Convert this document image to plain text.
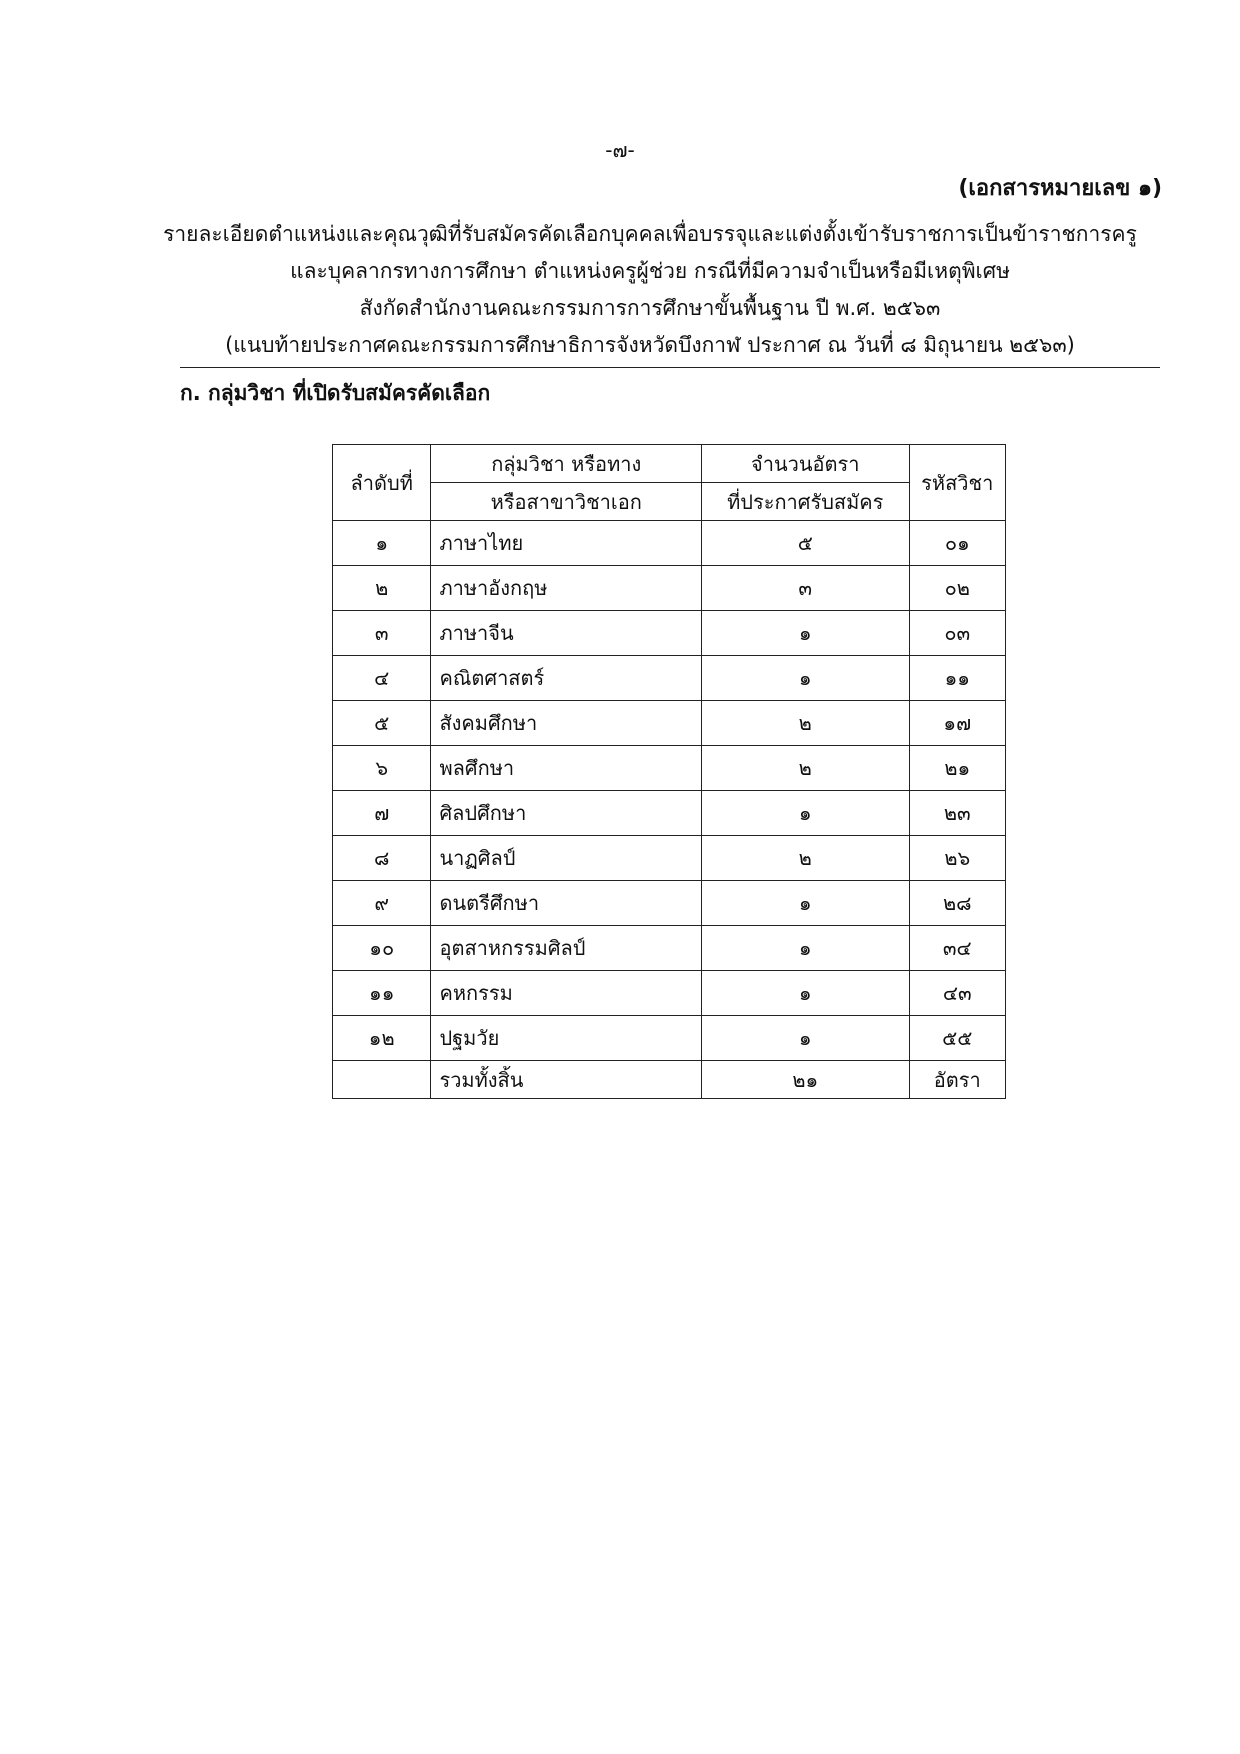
-๗-
(เอกสารหมายเลข ๑)
รายละเอียดตำแหน่งและคุณวุฒิที่รับสมัครคัดเลือกบุคคลเพื่อบรรจุและแต่งตั้งเข้ารับราชการเป็นข้าราชการครู
และบุคลากรทางการศึกษา ตำแหน่งครูผู้ช่วย กรณีที่มีความจำเป็นหรือมีเหตุพิเศษ
สังกัดสำนักงานคณะกรรมการการศึกษาขั้นพื้นฐาน ปี พ.ศ. ๒๕๖๓
(แนบท้ายประกาศคณะกรรมการศึกษาธิการจังหวัดบึงกาฬ ประกาศ ณ วันที่ ๘ มิถุนายน ๒๕๖๓)
ก. กลุ่มวิชา ที่เปิดรับสมัครคัดเลือก
ลำดับที่	กลุ่มวิชา หรือทาง	จำนวนอัตรา	รหัสวิชา
	หรือสาขาวิชาเอก	ที่ประกาศรับสมัคร	
๑	ภาษาไทย	๕	๐๑
๒	ภาษาอังกฤษ	๓	๐๒
๓	ภาษาจีน	๑	๐๓
๔	คณิตศาสตร์	๑	๑๑
๕	สังคมศึกษา	๒	๑๗
๖	พลศึกษา	๒	๒๑
๗	ศิลปศึกษา	๑	๒๓
๘	นาฏศิลป์	๒	๒๖
๙	ดนตรีศึกษา	๑	๒๘
๑๐	อุตสาหกรรมศิลป์	๑	๓๔
๑๑	คหกรรม	๑	๔๓
๑๒	ปฐมวัย	๑	๕๕
	รวมทั้งสิ้น	๒๑	อัตรา
